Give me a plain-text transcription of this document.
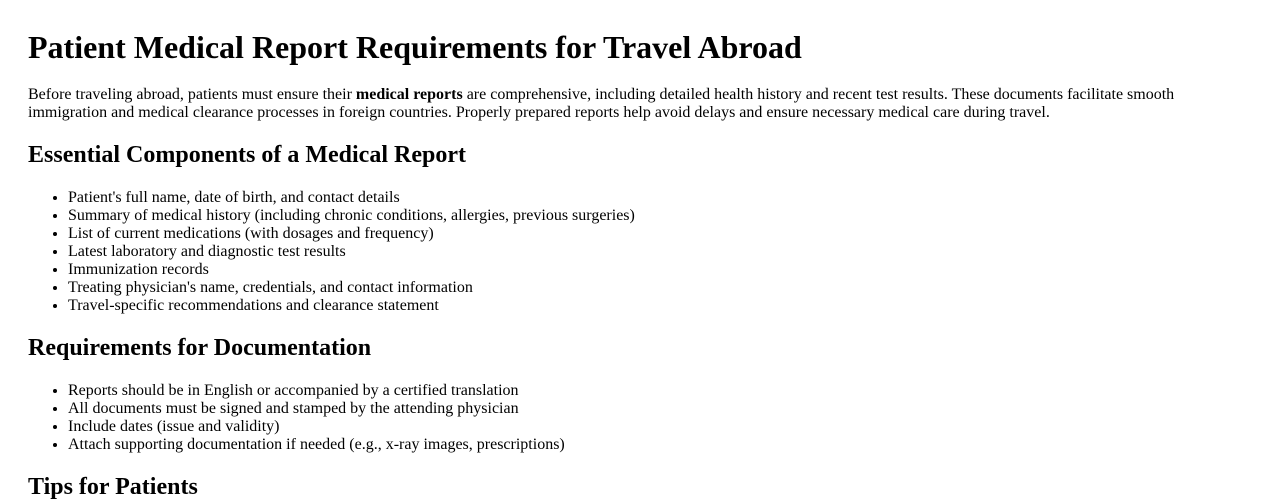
Patient Medical Report Requirements for Travel Abroad

Before traveling abroad, patients must ensure their medical reports are comprehensive, including detailed health history and recent test results. These documents facilitate smooth immigration and medical clearance processes in foreign countries. Properly prepared reports help avoid delays and ensure necessary medical care during travel.

Essential Components of a Medical Report
• Patient's full name, date of birth, and contact details
• Summary of medical history (including chronic conditions, allergies, previous surgeries)
• List of current medications (with dosages and frequency)
• Latest laboratory and diagnostic test results
• Immunization records
• Treating physician's name, credentials, and contact information
• Travel-specific recommendations and clearance statement
Requirements for Documentation
• Reports should be in English or accompanied by a certified translation
• All documents must be signed and stamped by the attending physician
• Include dates (issue and validity)
• Attach supporting documentation if needed (e.g., x-ray images, prescriptions)
Tips for Patients
